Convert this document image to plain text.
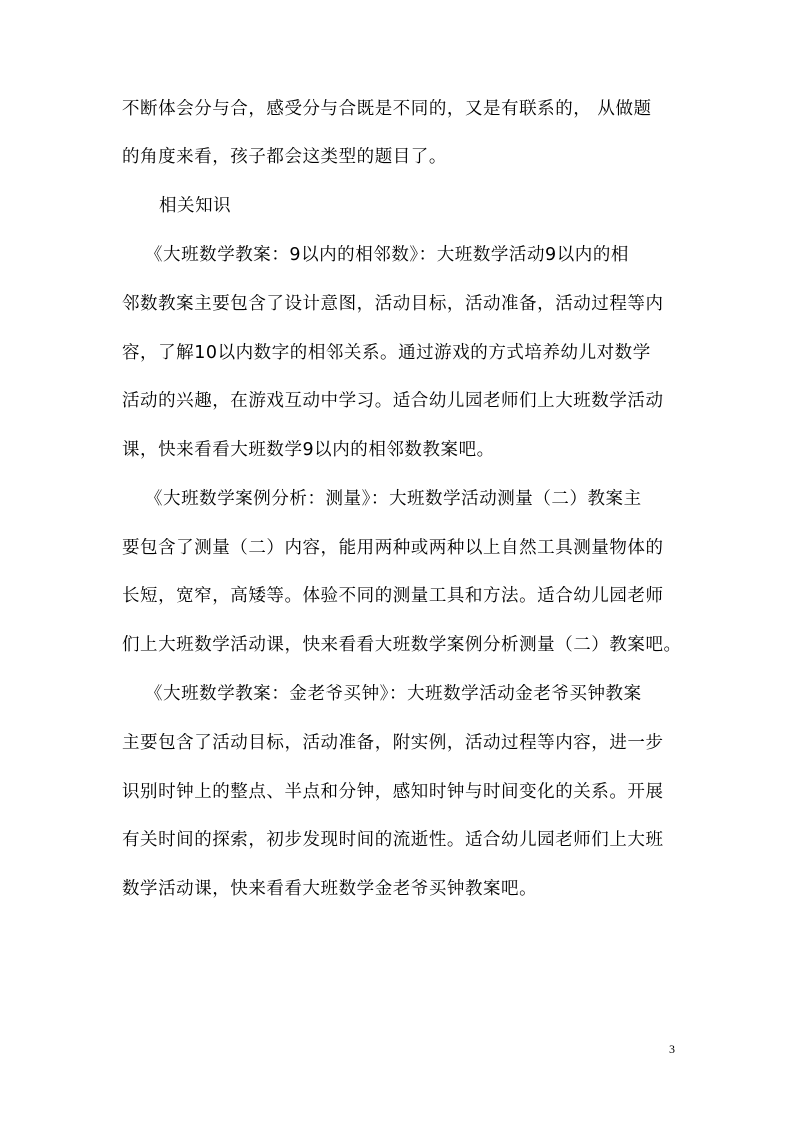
不断体会分与合，感受分与合既是不同的，又是有联系的， 从做题
的角度来看，孩子都会这类型的题目了。
相关知识
《大班数学教案：9以内的相邻数》：大班数学活动9以内的相
邻数教案主要包含了设计意图，活动目标，活动准备，活动过程等内
容，了解10以内数字的相邻关系。通过游戏的方式培养幼儿对数学
活动的兴趣，在游戏互动中学习。适合幼儿园老师们上大班数学活动
课，快来看看大班数学9以内的相邻数教案吧。
《大班数学案例分析：测量》：大班数学活动测量（二）教案主
要包含了测量（二）内容，能用两种或两种以上自然工具测量物体的
长短，宽窄，高矮等。体验不同的测量工具和方法。适合幼儿园老师
们上大班数学活动课，快来看看大班数学案例分析测量（二）教案吧。
《大班数学教案：金老爷买钟》：大班数学活动金老爷买钟教案
主要包含了活动目标，活动准备，附实例，活动过程等内容，进一步
识别时钟上的整点、半点和分钟，感知时钟与时间变化的关系。开展
有关时间的探索，初步发现时间的流逝性。适合幼儿园老师们上大班
数学活动课，快来看看大班数学金老爷买钟教案吧。
3
